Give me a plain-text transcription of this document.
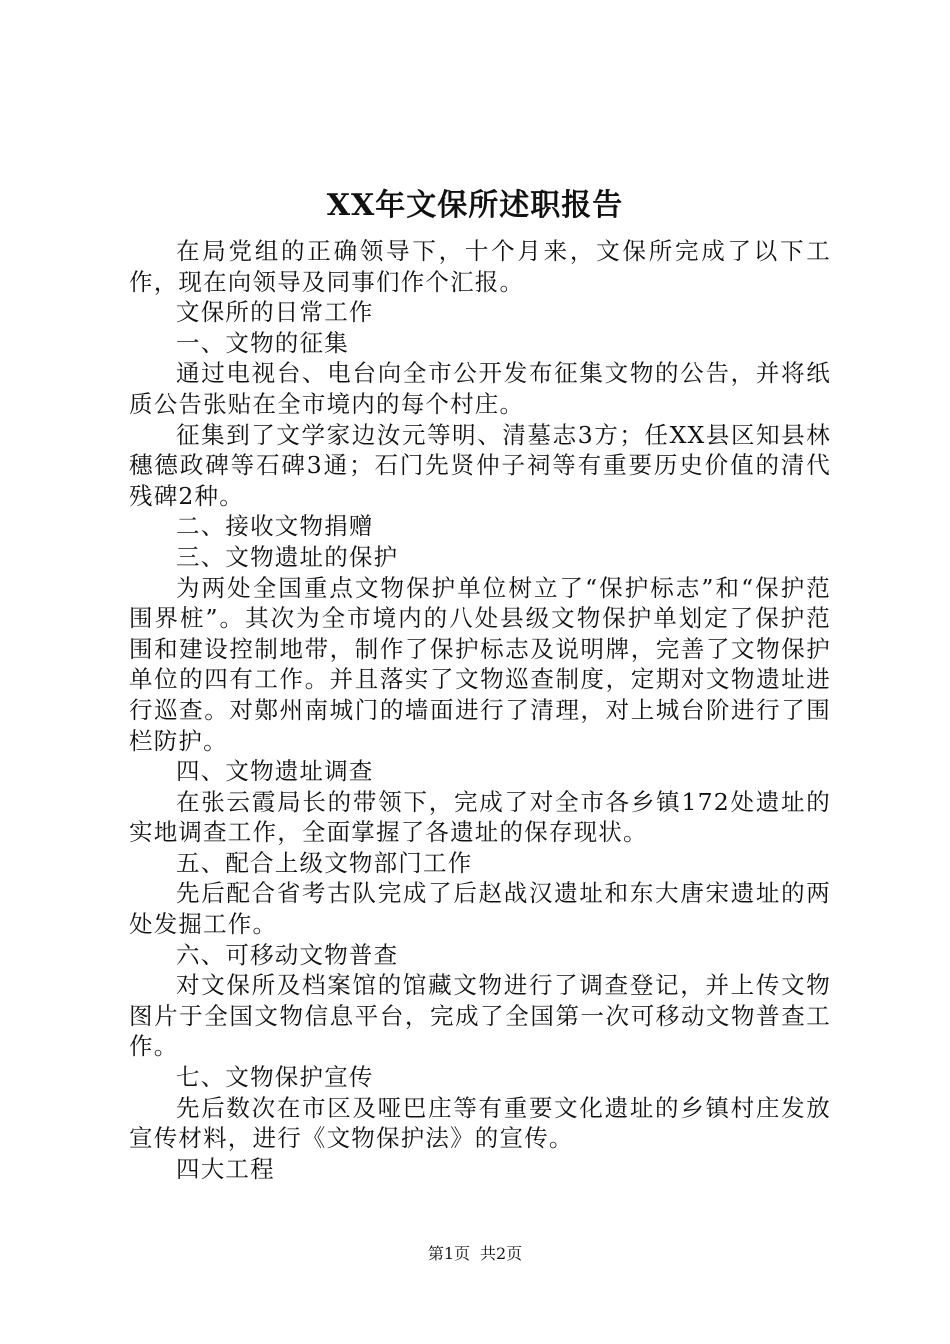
XX年文保所述职报告

在局党组的正确领导下，十个月来，文保所完成了以下工作，现在向领导及同事们作个汇报。

文保所的日常工作

一、文物的征集

通过电视台、电台向全市公开发布征集文物的公告，并将纸质公告张贴在全市境内的每个村庄。

征集到了文学家边汝元等明、清墓志3方；任XX县区知县林穗德政碑等石碑3通；石门先贤仲子祠等有重要历史价值的清代残碑2种。

二、接收文物捐赠

三、文物遗址的保护

为两处全国重点文物保护单位树立了“保护标志”和“保护范围界桩”。其次为全市境内的八处县级文物保护单划定了保护范围和建设控制地带，制作了保护标志及说明牌，完善了文物保护单位的四有工作。并且落实了文物巡查制度，定期对文物遗址进行巡查。对鄚州南城门的墙面进行了清理，对上城台阶进行了围栏防护。

四、文物遗址调查

在张云霞局长的带领下，完成了对全市各乡镇172处遗址的实地调查工作，全面掌握了各遗址的保存现状。

五、配合上级文物部门工作

先后配合省考古队完成了后赵战汉遗址和东大唐宋遗址的两处发掘工作。

六、可移动文物普查

对文保所及档案馆的馆藏文物进行了调查登记，并上传文物图片于全国文物信息平台，完成了全国第一次可移动文物普查工作。

七、文物保护宣传

先后数次在市区及哑巴庄等有重要文化遗址的乡镇村庄发放宣传材料，进行《文物保护法》的宣传。

四大工程

第1页 共2页
